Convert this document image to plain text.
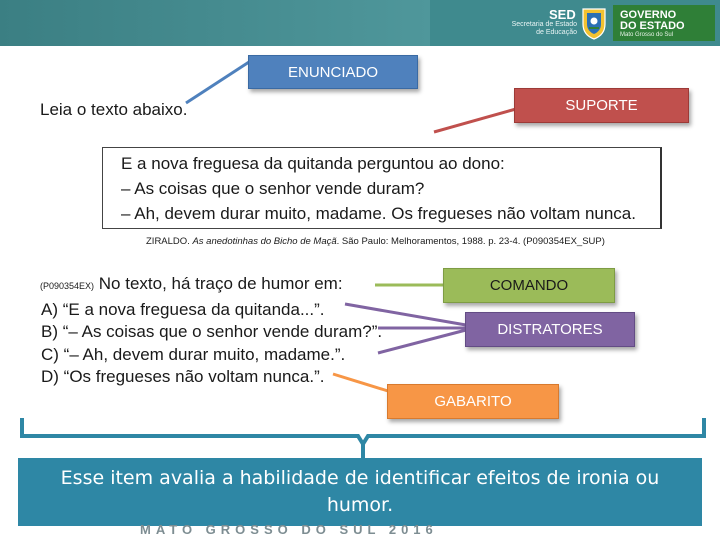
SED
Secretaria de Estado de Educação
GOVERNO
DO ESTADO
Mato Grosso do Sul
ENUNCIADO
SUPORTE
Leia o texto abaixo.
E a nova freguesa da quitanda perguntou ao dono:
– As coisas que o senhor vende duram?
– Ah, devem durar muito, madame. Os fregueses não voltam nunca.
ZIRALDO. As anedotinhas do Bicho de Maçã. São Paulo: Melhoramentos, 1988. p. 23-4. (P090354EX_SUP)
(P090354EX) No texto, há traço de humor em:
A) “E a nova freguesa da quitanda...”.
B) “– As coisas que o senhor vende duram?”.
C) “– Ah, devem durar muito, madame.”.
D) “Os fregueses não voltam nunca.”.
COMANDO
DISTRATORES
GABARITO
Esse item avalia a habilidade de identificar efeitos de ironia ou humor.
MATO GROSSO DO SUL 2016
